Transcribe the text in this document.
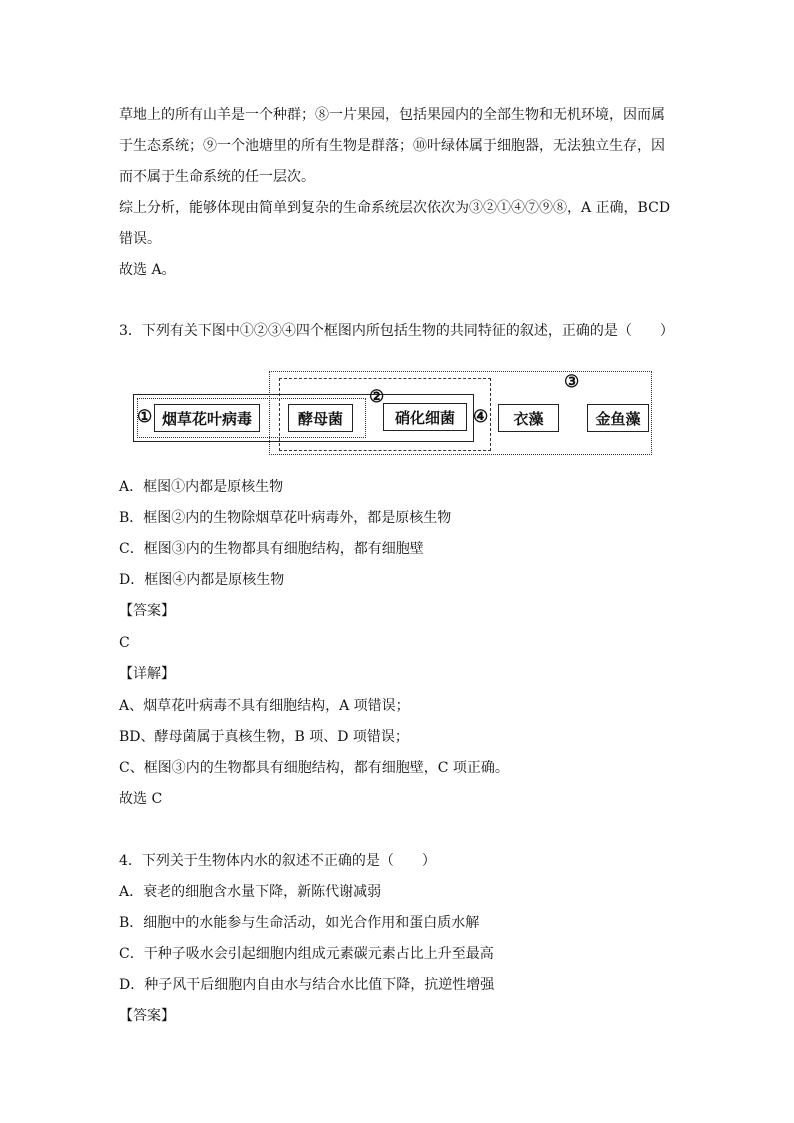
草地上的所有山羊是一个种群；⑧一片果园，包括果园内的全部生物和无机环境，因而属
于生态系统；⑨一个池塘里的所有生物是群落；⑩叶绿体属于细胞器，无法独立生存，因
而不属于生命系统的任一层次。
综上分析，能够体现由简单到复杂的生命系统层次依次为③②①④⑦⑨⑧，A 正确，BCD
错误。
故选 A。
3．下列有关下图中①②③④四个框图内所包括生物的共同特征的叙述，正确的是（　　）
①
②
③
④
烟草花叶病毒	酵母菌	硝化细菌	衣藻	金鱼藻
A．框图①内都是原核生物
B．框图②内的生物除烟草花叶病毒外，都是原核生物
C．框图③内的生物都具有细胞结构，都有细胞壁
D．框图④内都是原核生物
【答案】
C
【详解】
A、烟草花叶病毒不具有细胞结构，A 项错误；
BD、酵母菌属于真核生物，B 项、D 项错误；
C、框图③内的生物都具有细胞结构，都有细胞壁，C 项正确。
故选 C
4．下列关于生物体内水的叙述不正确的是（　　）
A．衰老的细胞含水量下降，新陈代谢减弱
B．细胞中的水能参与生命活动，如光合作用和蛋白质水解
C．干种子吸水会引起细胞内组成元素碳元素占比上升至最高
D．种子风干后细胞内自由水与结合水比值下降，抗逆性增强
【答案】
